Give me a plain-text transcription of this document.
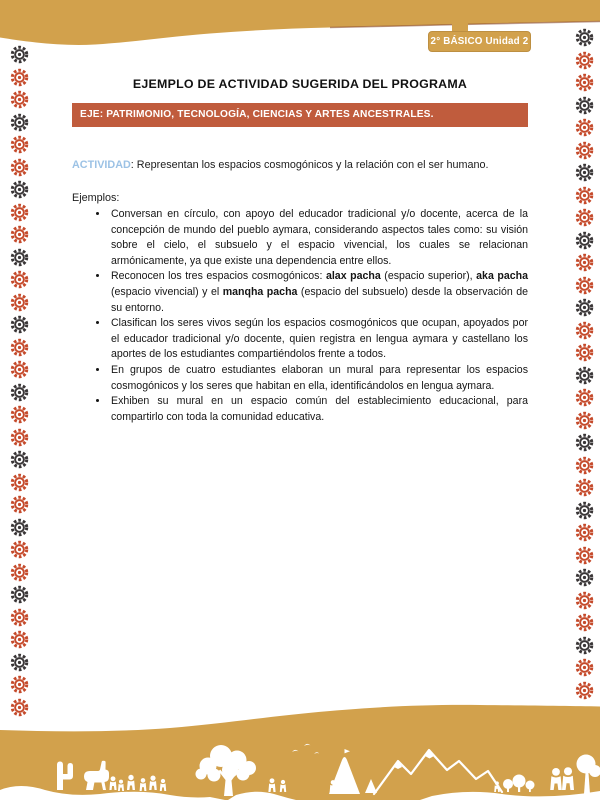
2° BÁSICO Unidad 2
EJEMPLO DE ACTIVIDAD SUGERIDA DEL PROGRAMA
EJE: PATRIMONIO, TECNOLOGÍA, CIENCIAS Y ARTES ANCESTRALES.
ACTIVIDAD: Representan los espacios cosmogónicos y la relación con el ser humano.
Ejemplos:
• Conversan en círculo, con apoyo del educador tradicional y/o docente, acerca de la concepción de mundo del pueblo aymara, considerando aspectos tales como: su visión sobre el cielo, el subsuelo y el espacio vivencial, los cuales se relacionan armónicamente, ya que existe una dependencia entre ellos.
• Reconocen los tres espacios cosmogónicos: alax pacha (espacio superior), aka pacha (espacio vivencial) y el manqha pacha (espacio del subsuelo) desde la observación de su entorno.
• Clasifican los seres vivos según los espacios cosmogónicos que ocupan, apoyados por el educador tradicional y/o docente, quien registra en lengua aymara y castellano los aportes de los estudiantes compartiéndolos frente a todos.
• En grupos de cuatro estudiantes elaboran un mural para representar los espacios cosmogónicos y los seres que habitan en ella, identificándolos en lengua aymara.
• Exhiben su mural en un espacio común del establecimiento educacional, para compartirlo con toda la comunidad educativa.
